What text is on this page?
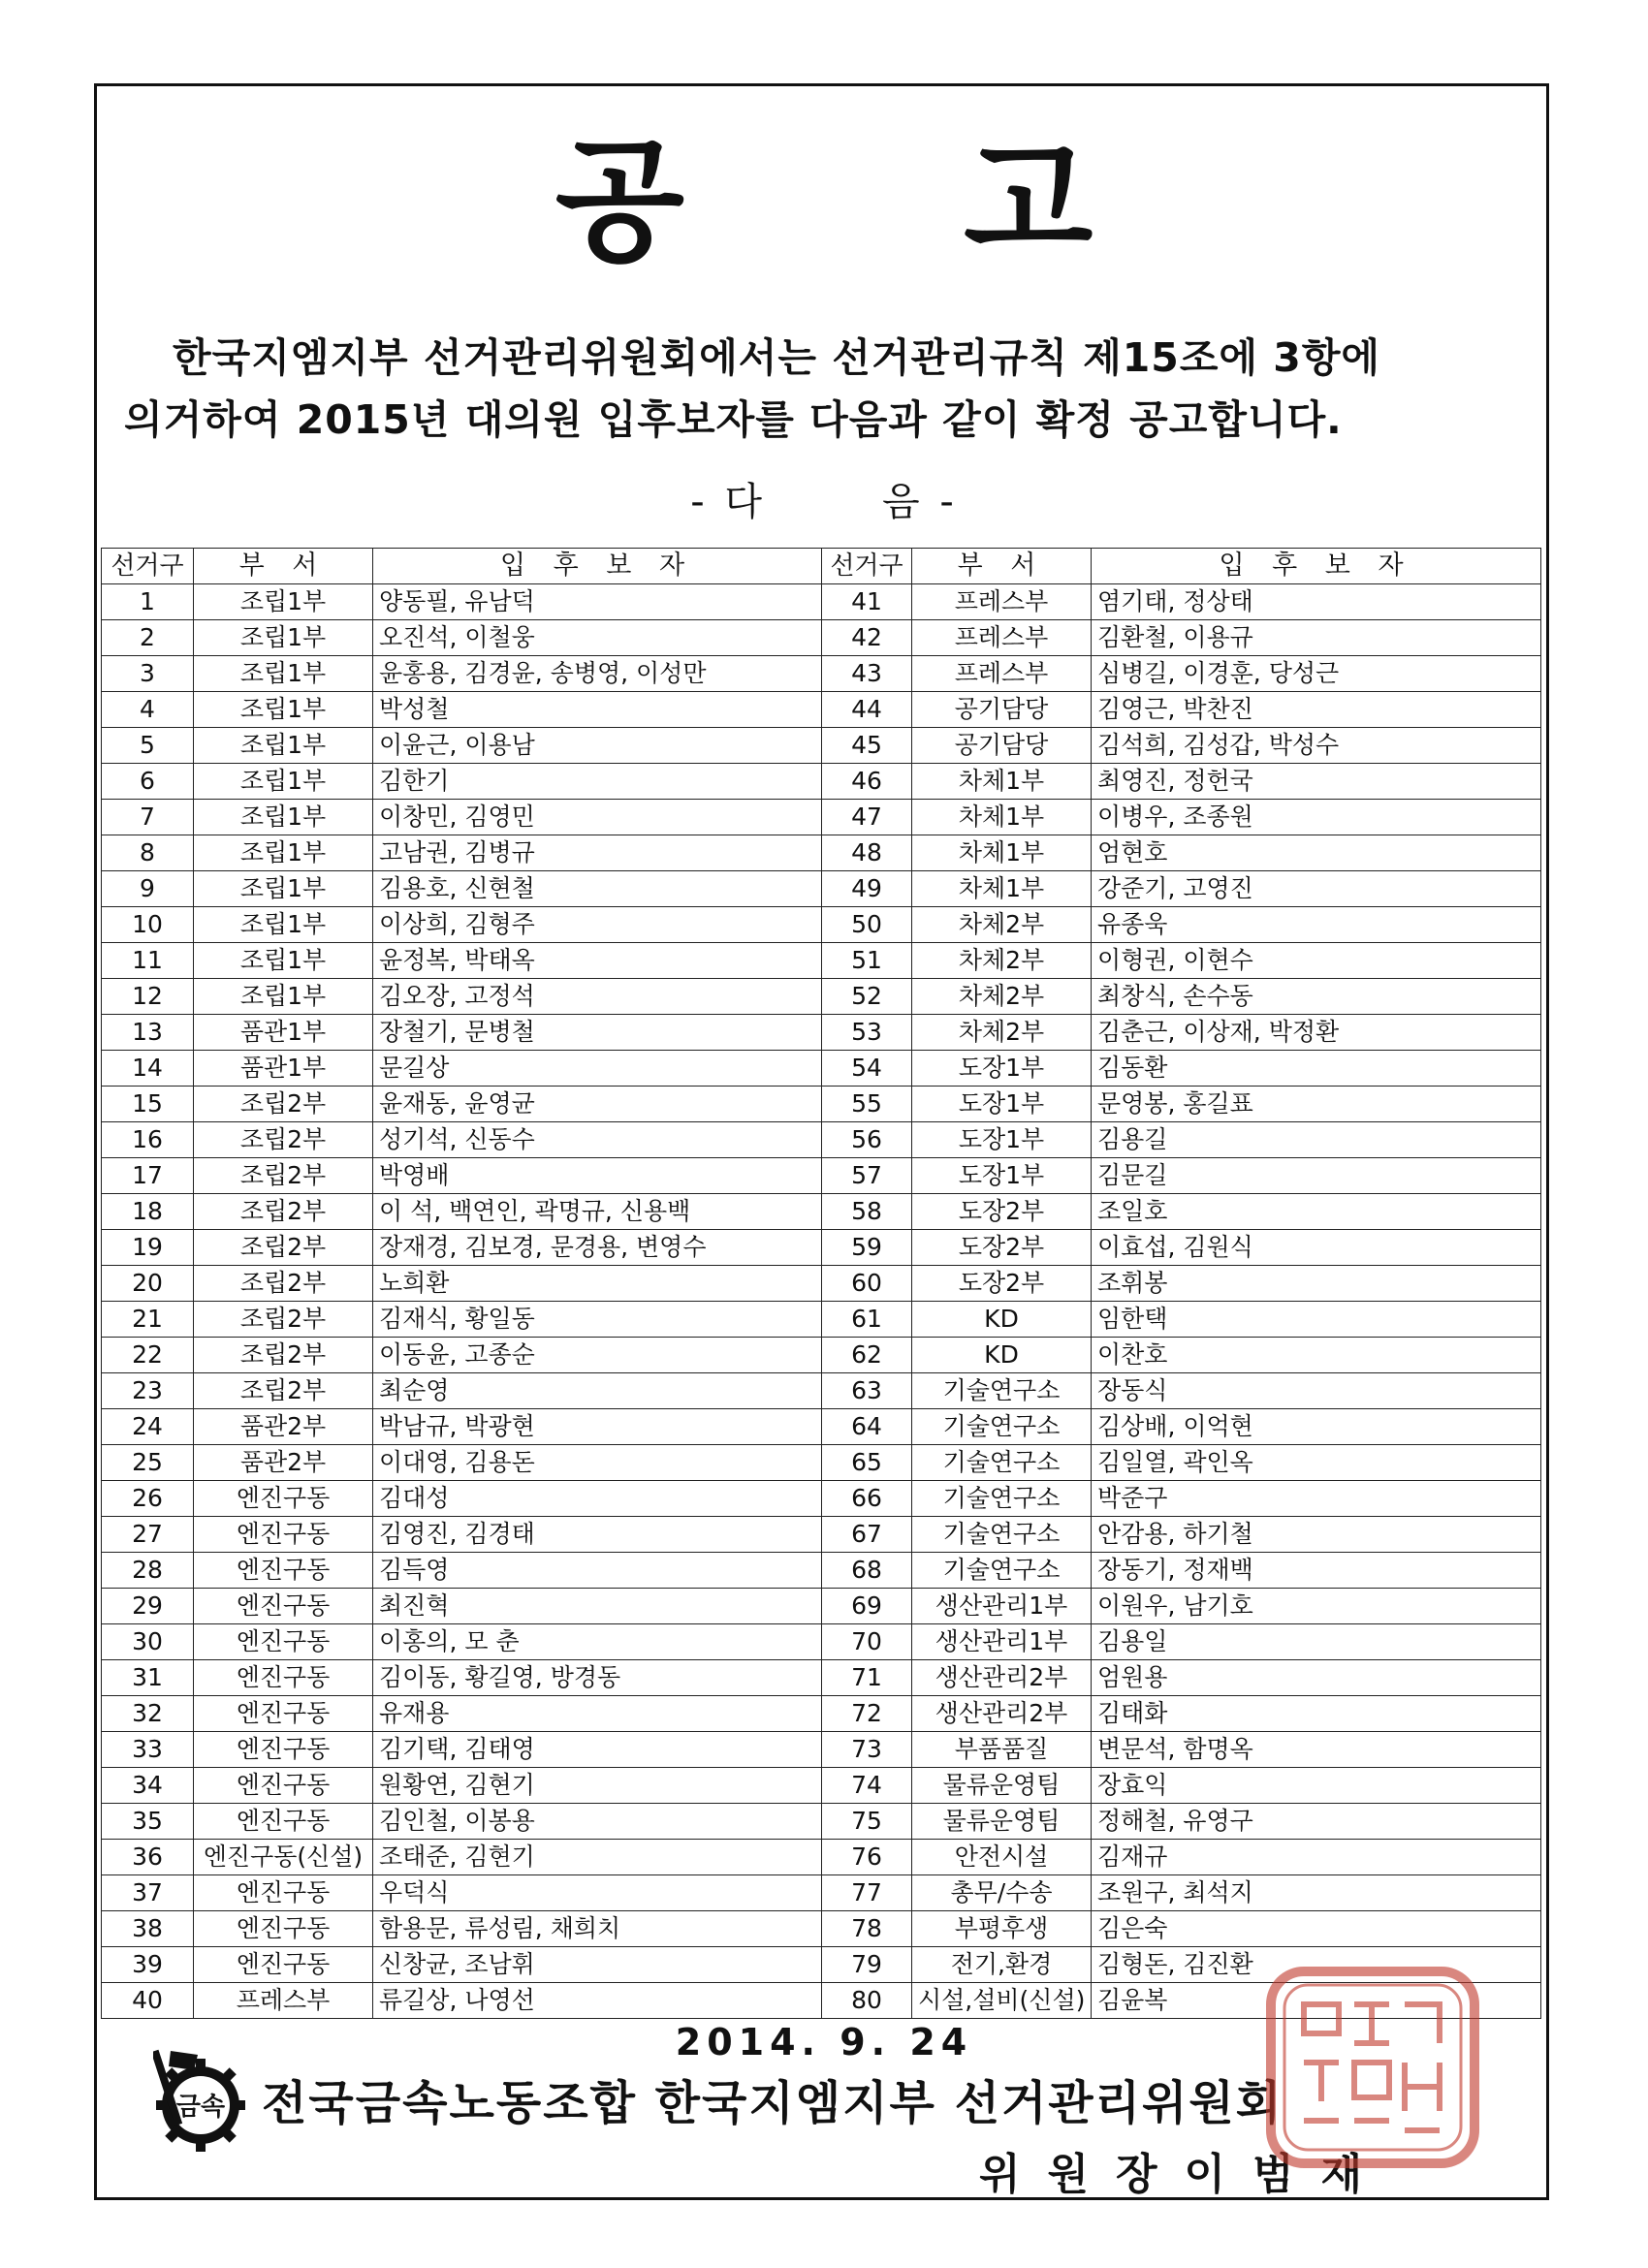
공 고
한국지엠지부 선거관리위원회에서는 선거관리규칙 제15조에 3항에
의거하여 2015년 대의원 입후보자를 다음과 같이 확정 공고합니다.
- 다	음 -
선거구	부 서	입 후 보 자	선거구	부 서	입 후 보 자
1	조립1부	양동필, 유남덕	41	프레스부	염기태, 정상태
2	조립1부	오진석, 이철웅	42	프레스부	김환철, 이용규
3	조립1부	윤홍용, 김경윤, 송병영, 이성만	43	프레스부	심병길, 이경훈, 당성근
4	조립1부	박성철	44	공기담당	김영근, 박찬진
5	조립1부	이윤근, 이용남	45	공기담당	김석희, 김성갑, 박성수
6	조립1부	김한기	46	차체1부	최영진, 정헌국
7	조립1부	이창민, 김영민	47	차체1부	이병우, 조종원
8	조립1부	고남권, 김병규	48	차체1부	엄현호
9	조립1부	김용호, 신현철	49	차체1부	강준기, 고영진
10	조립1부	이상희, 김형주	50	차체2부	유종욱
11	조립1부	윤정복, 박태옥	51	차체2부	이형권, 이현수
12	조립1부	김오장, 고정석	52	차체2부	최창식, 손수동
13	품관1부	장철기, 문병철	53	차체2부	김춘근, 이상재, 박정환
14	품관1부	문길상	54	도장1부	김동환
15	조립2부	윤재동, 윤영균	55	도장1부	문영봉, 홍길표
16	조립2부	성기석, 신동수	56	도장1부	김용길
17	조립2부	박영배	57	도장1부	김문길
18	조립2부	이 석, 백연인, 곽명규, 신용백	58	도장2부	조일호
19	조립2부	장재경, 김보경, 문경용, 변영수	59	도장2부	이효섭, 김원식
20	조립2부	노희환	60	도장2부	조휘봉
21	조립2부	김재식, 황일동	61	KD	임한택
22	조립2부	이동윤, 고종순	62	KD	이찬호
23	조립2부	최순영	63	기술연구소	장동식
24	품관2부	박남규, 박광현	64	기술연구소	김상배, 이억현
25	품관2부	이대영, 김용돈	65	기술연구소	김일열, 곽인옥
26	엔진구동	김대성	66	기술연구소	박준구
27	엔진구동	김영진, 김경태	67	기술연구소	안감용, 하기철
28	엔진구동	김득영	68	기술연구소	장동기, 정재백
29	엔진구동	최진혁	69	생산관리1부	이원우, 남기호
30	엔진구동	이홍의, 모 춘	70	생산관리1부	김용일
31	엔진구동	김이동, 황길영, 방경동	71	생산관리2부	엄원용
32	엔진구동	유재용	72	생산관리2부	김태화
33	엔진구동	김기택, 김태영	73	부품품질	변문석, 함명옥
34	엔진구동	원황연, 김현기	74	물류운영팀	장효익
35	엔진구동	김인철, 이봉용	75	물류운영팀	정해철, 유영구
36	엔진구동(신설)	조태준, 김현기	76	안전시설	김재규
37	엔진구동	우덕식	77	총무/수송	조원구, 최석지
38	엔진구동	함용문, 류성림, 채희치	78	부평후생	김은숙
39	엔진구동	신창균, 조남휘	79	전기,환경	김형돈, 김진환
40	프레스부	류길상, 나영선	80	시설,설비(신설)	김윤복
2014. 9. 24
금속 전국금속노동조합 한국지엠지부 선거관리위원회
위원장이범재
